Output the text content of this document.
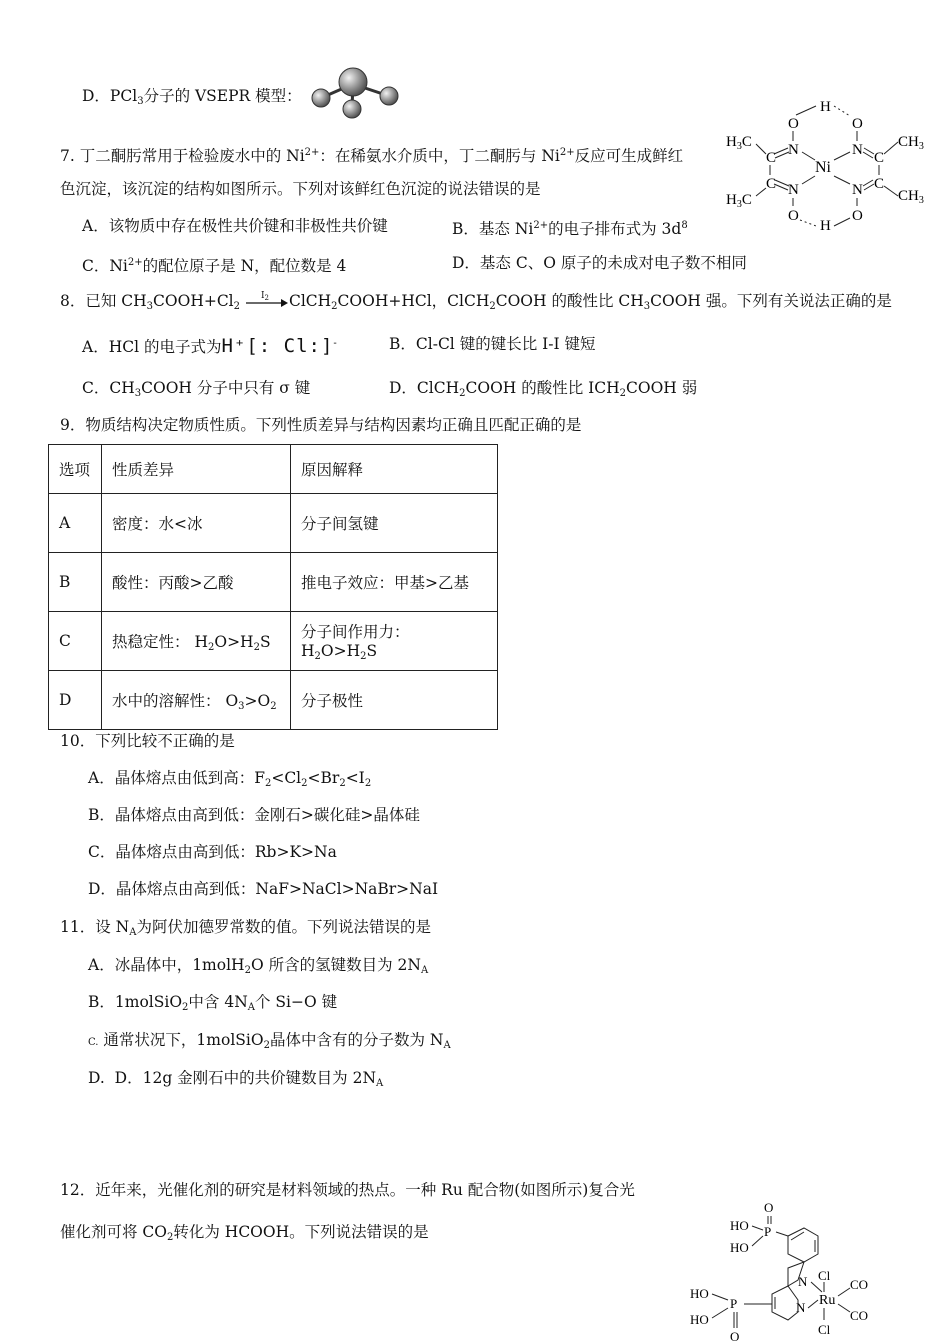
D．PCl$_3$分子的 VSEPR 模型：
7. 丁二酮肟常用于检验废水中的 $Ni^{2+}$：在稀氨水介质中，丁二酮肟与 $Ni^{2+}$反应可生成鲜红
色沉淀，该沉淀的结构如图所示。下列对该鲜红色沉淀的说法错误的是
A．该物质中存在极性共价键和非极性共价键	B．基态 $Ni^{2+}$的电子排布式为 $3d^8$
C．$Ni^{2+}$的配位原子是 N，配位数是 4	D．基态 C、O 原子的未成对电子数不相同
H
O	O
N	N
Ni
N	N
O	O
H
C
C
C
C
$H_3C$
$H_3C$
$CH_3$
$CH_3$
8．已知 $CH_3COOH+Cl_2$
$I_2$ ClCH$_2$COOH+HCl，ClCH$_2$COOH 的酸性比 $CH_3COOH$ 强。下列有关说法正确的是
A．HCl 的电子式为H⁺[: Cl:]-	B．Cl-Cl 键的键长比 I-I 键短
C．$CH_3COOH$ 分子中只有 σ 键	D．ClCH$_2$COOH 的酸性比 $ICH_2COOH$ 弱
9．物质结构决定物质性质。下列性质差异与结构因素均正确且匹配正确的是
选项	性质差异	原因解释
A	密度：水<冰	分子间氢键
B	酸性：丙酸>乙酸	推电子效应：甲基>乙基
C	热稳定性： $H_2O>H_2S$	分子间作用力： $H_2O>H_2S$
D	水中的溶解性： $O_3>O_2$	分子极性
10．下列比较不正确的是
A．晶体熔点由低到高：$F_2<Cl_2<Br_2<I_2$
B．晶体熔点由高到低：金刚石>碳化硅>晶体硅
C．晶体熔点由高到低：Rb>K>Na
D．晶体熔点由高到低：NaF>NaCl>NaBr>NaI
11．设 $N_A$为阿伏加德罗常数的值。下列说法错误的是
A．冰晶体中，1molH$_2$O 所含的氢键数目为 $2N_A$
B．1molSiO$_2$中含 $4N_A$个 Si−O 键
C. 通常状况下，1molSiO$_2$晶体中含有的分子数为 $N_A$
D. D．12g 金刚石中的共价键数目为 $2N_A$
12．近年来，光催化剂的研究是材料领域的热点。一种 Ru 配合物(如图所示)复合光
催化剂可将 $CO_2$转化为 HCOOH。下列说法错误的是
O
HO P
HO
N Cl
Ru
CO
CO
Cl
N
HO
P
HO
O
